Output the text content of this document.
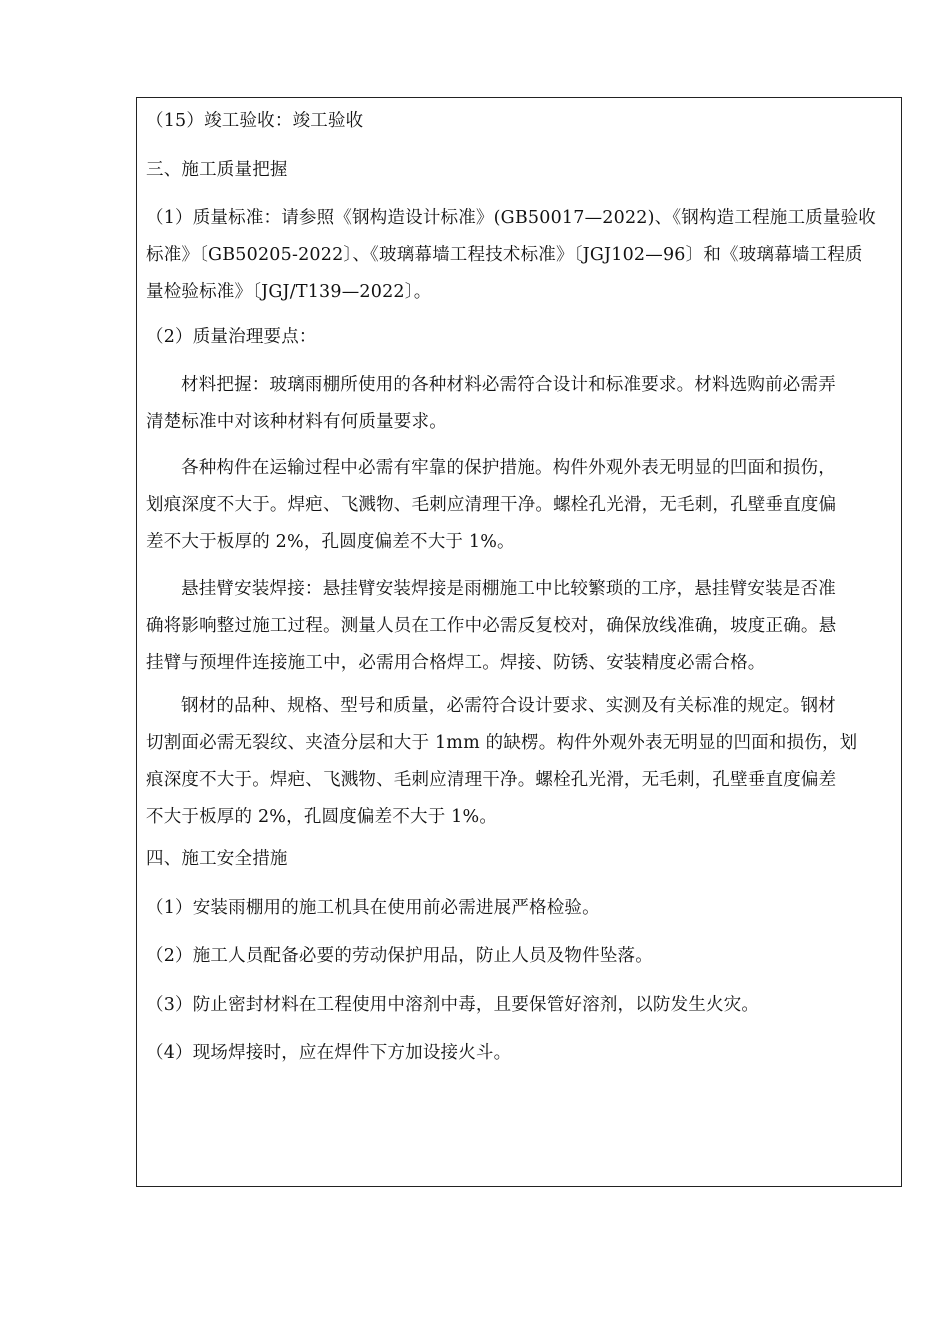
（15）竣工验收：竣工验收
三、施工质量把握
（1）质量标准：请参照《钢构造设计标准》(GB50017—2022)、《钢构造工程施工质量验收
标准》〔GB50205-2022〕、《玻璃幕墙工程技术标准》〔JGJ102—96〕和《玻璃幕墙工程质
量检验标准》〔JGJ/T139—2022〕。
（2）质量治理要点：
材料把握：玻璃雨棚所使用的各种材料必需符合设计和标准要求。材料选购前必需弄
清楚标准中对该种材料有何质量要求。
各种构件在运输过程中必需有牢靠的保护措施。构件外观外表无明显的凹面和损伤，
划痕深度不大于。焊疤、飞溅物、毛刺应清理干净。螺栓孔光滑，无毛刺，孔壁垂直度偏
差不大于板厚的 2%，孔圆度偏差不大于 1%。
悬挂臂安装焊接：悬挂臂安装焊接是雨棚施工中比较繁琐的工序，悬挂臂安装是否准
确将影响整过施工过程。测量人员在工作中必需反复校对，确保放线准确，坡度正确。悬
挂臂与预埋件连接施工中，必需用合格焊工。焊接、防锈、安装精度必需合格。
钢材的品种、规格、型号和质量，必需符合设计要求、实测及有关标准的规定。钢材
切割面必需无裂纹、夹渣分层和大于 1mm 的缺楞。构件外观外表无明显的凹面和损伤，划
痕深度不大于。焊疤、飞溅物、毛刺应清理干净。螺栓孔光滑，无毛刺，孔壁垂直度偏差
不大于板厚的 2%，孔圆度偏差不大于 1%。
四、施工安全措施
（1）安装雨棚用的施工机具在使用前必需进展严格检验。
（2）施工人员配备必要的劳动保护用品，防止人员及物件坠落。
（3）防止密封材料在工程使用中溶剂中毒，且要保管好溶剂，以防发生火灾。
（4）现场焊接时，应在焊件下方加设接火斗。
